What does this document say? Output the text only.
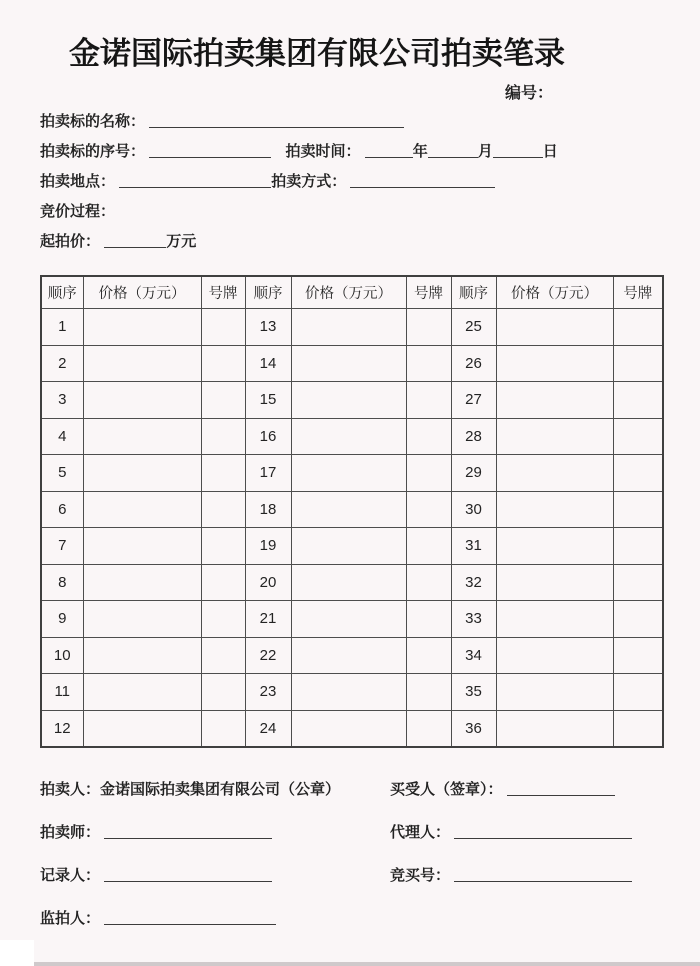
金诺国际拍卖集团有限公司拍卖笔录
编号：
拍卖标的名称：
拍卖标的序号：	拍卖时间：	年	月	日
拍卖地点：	拍卖方式：
竞价过程：
起拍价：	万元
顺序	价格（万元）	号牌	顺序	价格（万元）	号牌	顺序	价格（万元）	号牌
1			13			25		
2			14			26		
3			15			27		
4			16			28		
5			17			29		
6			18			30		
7			19			31		
8			20			32		
9			21			33		
10			22			34		
11			23			35		
12			24			36		
拍卖人：金诺国际拍卖集团有限公司（公章）	买受人（签章）：
拍卖师：	代理人：
记录人：	竞买号：
监拍人：
